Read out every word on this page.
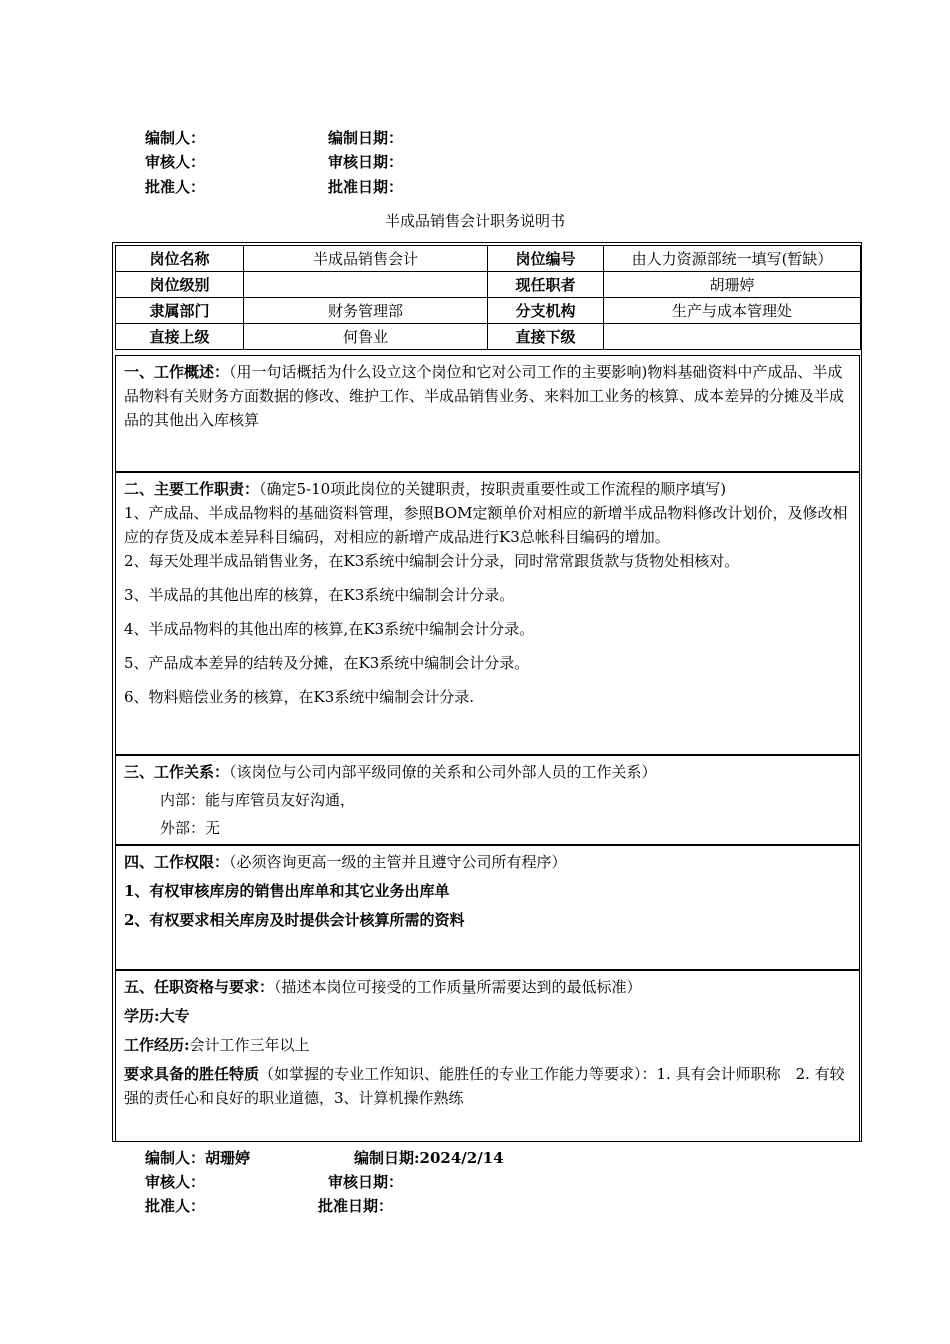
编制人：	编制日期：
审核人：	审核日期：
批准人：	批准日期：
半成品销售会计职务说明书
岗位名称	半成品销售会计	岗位编号	由人力资源部统一填写(暂缺）
岗位级别		现任职者	胡珊婷
隶属部门	财务管理部	分支机构	生产与成本管理处
直接上级	何鲁业	直接下级	

一、工作概述：（用一句话概括为什么设立这个岗位和它对公司工作的主要影响)物料基础资料中产成品、半成品物料有关财务方面数据的修改、维护工作、半成品销售业务、来料加工业务的核算、成本差异的分摊及半成品的其他出入库核算

二、主要工作职责：（确定5-10项此岗位的关键职责，按职责重要性或工作流程的顺序填写)

1、产成品、半成品物料的基础资料管理，参照BOM定额单价对相应的新增半成品物料修改计划价，及修改相应的存货及成本差异科目编码，对相应的新增产成品进行K3总帐科目编码的增加。

2、每天处理半成品销售业务，在K3系统中编制会计分录，同时常常跟货款与货物处相核对。

3、半成品的其他出库的核算，在K3系统中编制会计分录。

4、半成品物料的其他出库的核算,在K3系统中编制会计分录。

5、产品成本差异的结转及分摊，在K3系统中编制会计分录。

6、物料赔偿业务的核算，在K3系统中编制会计分录.

三、工作关系：（该岗位与公司内部平级同僚的关系和公司外部人员的工作关系）

内部：能与库管员友好沟通，

外部：无

四、工作权限：（必须咨询更高一级的主管并且遵守公司所有程序）

1、有权审核库房的销售出库单和其它业务出库单

2、有权要求相关库房及时提供会计核算所需的资料

五、任职资格与要求：（描述本岗位可接受的工作质量所需要达到的最低标准）

学历:大专

工作经历:会计工作三年以上

要求具备的胜任特质（如掌握的专业工作知识、能胜任的专业工作能力等要求）：1. 具有会计师职称　2. 有较强的责任心和良好的职业道德，3、计算机操作熟练

编制人：胡珊婷	编制日期:2024/2/14
审核人：	审核日期：
批准人：	批准日期：
